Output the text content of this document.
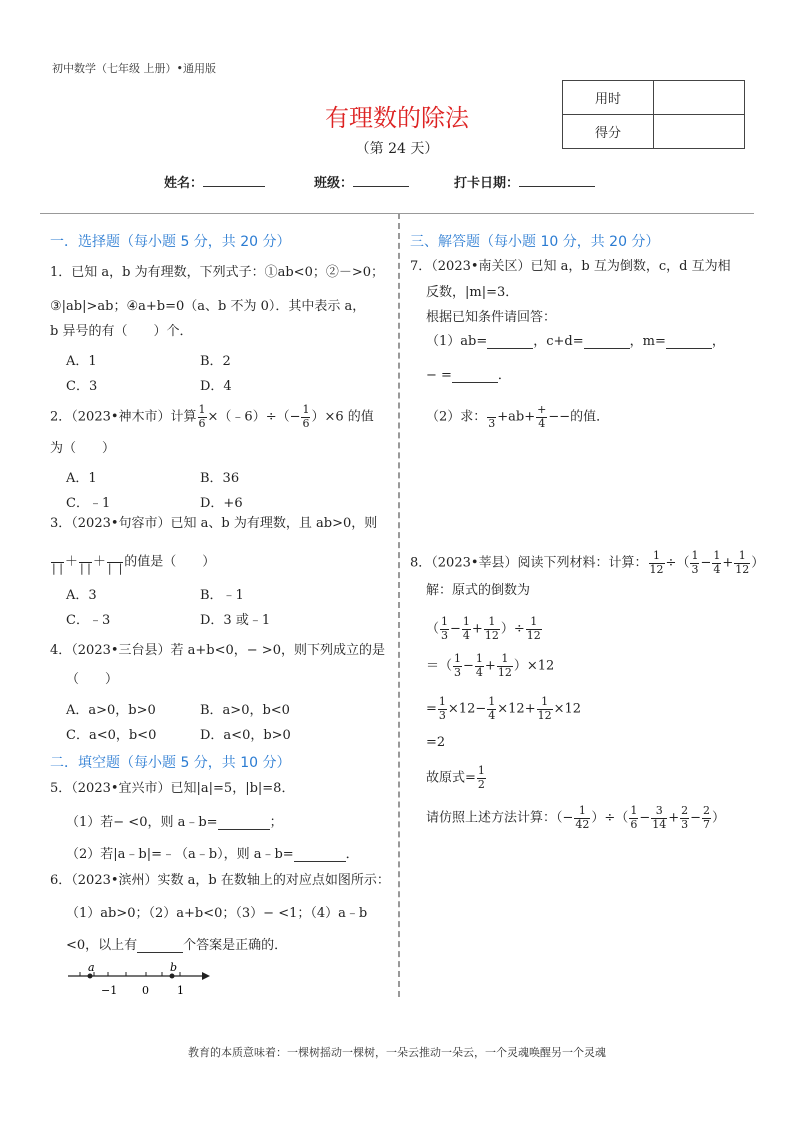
初中数学（七年级 上册）•通用版
有理数的除法
（第 24 天）
用时	
得分	
姓名：	班级：	打卡日期：
一．选择题（每小题 5 分，共 20 分）
1．已知 a，b 为有理数，下列式子：①ab<0；②－>0；
③|ab|>ab；④a+b=0（a、b 不为 0）．其中表示 a，
b 异号的有（　　）个．
A．1	B．2
C．3	D．4
2．（2023•神木市）计算 $\frac{1}{6}$ ×（﹣6）÷（− $\frac{1}{6} )\times 6$ 的值
为（　　）
A．1	B．36
C．﹣1	D．+6
3．（2023•句容市）已知 a、b 为有理数，且 ab>0，则

| | ＋
| | ＋
|  | 的值是（　　）
A．3	B．﹣1
C．﹣3	D．3 或﹣1
4．（2023•三台县）若 a+b<0，− >0，则下列成立的是
（　　）
A．a>0，b>0	B．a>0，b<0
C．a<0，b<0	D．a<0，b>0
二．填空题（每小题 5 分，共 10 分）
5．（2023•宜兴市）已知|a|=5，|b|=8．
（1）若− <0，则 a﹣b=	；
（2）若|a﹣b|=﹣（a﹣b），则 a﹣b=	．
6．（2023•滨州）实数 a，b 在数轴上的对应点如图所示：
（1）ab>0；（2）a+b<0；（3）− <1；（4）a﹣b
<0，以上有	个答案是正确的．
a	b
−1 0	1
三、解答题（每小题 10 分，共 20 分）
7．（2023•南关区）已知 a，b 互为倒数，c，d 互为相
反数，|m|=3．
根据已知条件请回答：
（1）ab=	，c+d=	，m=	，
− =	．
（2）求：
$3 +ab+ \frac{+}{4}$ −−的值．
8．（2023•莘县）阅读下列材料：计算： $\frac{1}{12}$ ÷（ $\frac{1}{3} - \frac{1}{4} + \frac{1}{12}$ ）
解：原式的倒数为
（ $\frac{1}{3} - \frac{1}{4} + \frac{1}{12}$ ）÷ $\frac{1}{12}$
＝（ $\frac{1}{3} - \frac{1}{4} + \frac{1}{12} )\times 12$
= $\frac{1}{3} \times 12- \frac{1}{4} \times 12+ \frac{1}{12} \times 12$
=2
故原式= $\frac{1}{2}$
请仿照上述方法计算：（− $\frac{1}{42}$ ）÷（ $\frac{1}{6} - \frac{3}{14} + \frac{2}{3} - \frac{2}{7}$ ）
教育的本质意味着：一棵树摇动一棵树，一朵云推动一朵云，一个灵魂唤醒另一个灵魂
